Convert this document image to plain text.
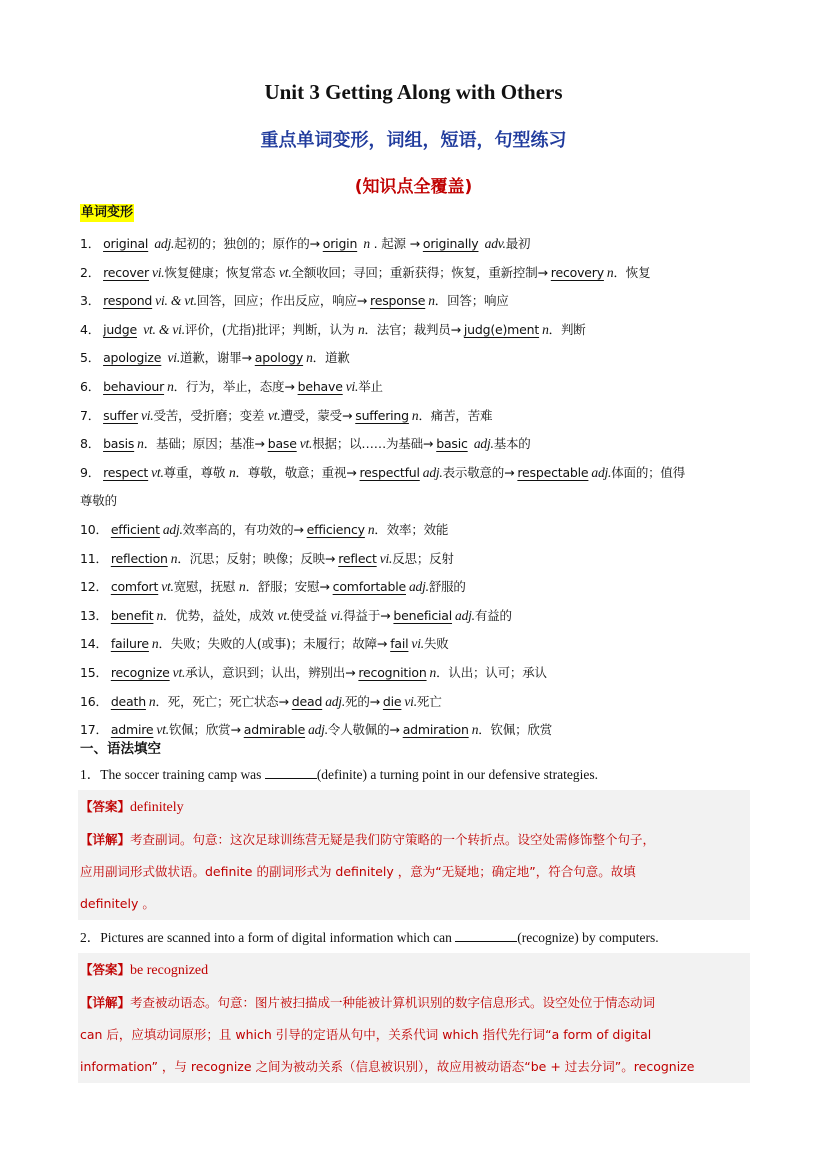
Unit 3 Getting Along with Others
重点单词变形，词组，短语，句型练习
(知识点全覆盖)
单词变形
1． original adj.起初的；独创的；原作的→ origin n . 起源 → originally adv.最初
2． recover vi.恢复健康；恢复常态 vt.全额收回；寻回；重新获得；恢复，重新控制→ recovery n．恢复
3． respond vi. & vt.回答，回应；作出反应，响应→ response n．回答；响应
4． judge vt. & vi.评价，(尤指)批评；判断，认为 n．法官；裁判员→ judg(e)ment n．判断
5． apologize vi.道歉，谢罪→ apology n．道歉
6． behaviour n．行为，举止，态度→ behave vi.举止
7． suffer vi.受苦，受折磨；变差 vt.遭受，蒙受→ suffering n．痛苦，苦难
8． basis n．基础；原因；基准→ base vt.根据；以……为基础→ basic adj.基本的
9． respect vt.尊重，尊敬 n．尊敬，敬意；重视→ respectful adj.表示敬意的→ respectable adj.体面的；值得
尊敬的
10． efficient adj.效率高的，有功效的→ efficiency n．效率；效能
11． reflection n．沉思；反射；映像；反映→ reflect vi.反思；反射
12． comfort vt.宽慰，抚慰 n．舒服；安慰→ comfortable adj.舒服的
13． benefit n．优势，益处，成效 vt.使受益 vi.得益于→ beneficial adj.有益的
14． failure n．失败；失败的人(或事)；未履行；故障→ fail vi.失败
15． recognize vt.承认，意识到；认出，辨别出→ recognition n．认出；认可；承认
16． death n．死，死亡；死亡状态→ dead adj.死的→ die vi.死亡
17． admire vt.钦佩；欣赏→ admirable adj.令人敬佩的→ admiration n．钦佩；欣赏
一、语法填空
1．The soccer training camp was	(definite) a turning point in our defensive strategies.
【答案】definitely
【详解】考查副词。句意：这次足球训练营无疑是我们防守策略的一个转折点。设空处需修饰整个句子，
应用副词形式做状语。definite 的副词形式为 definitely ，意为“无疑地；确定地”，符合句意。故填
definitely 。
2．Pictures are scanned into a form of digital information which can	(recognize) by computers.
【答案】be recognized
【详解】考查被动语态。句意：图片被扫描成一种能被计算机识别的数字信息形式。设空处位于情态动词
can 后，应填动词原形；且 which 引导的定语从句中，关系代词 which 指代先行词“a form of digital
information” ，与 recognize 之间为被动关系（信息被识别），故应用被动语态“be + 过去分词”。recognize
